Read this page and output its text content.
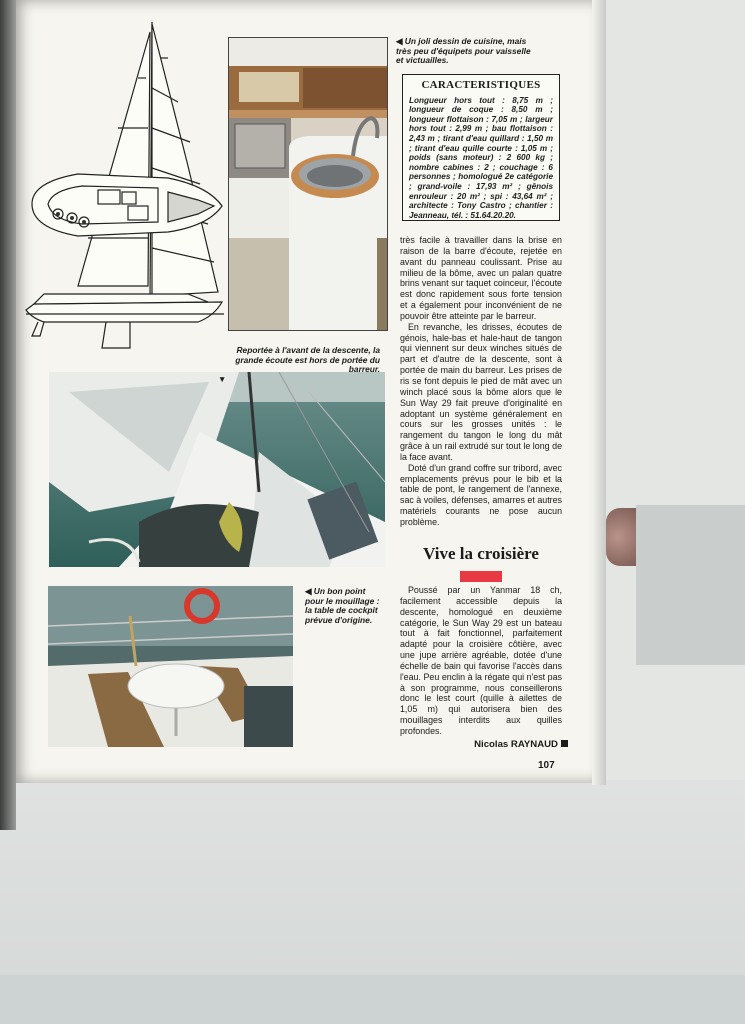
◀ Un joli dessin de cuisine, mais très peu d'équipets pour vaisselle et victuailles.
Reportée à l'avant de la descente, la grande écoute est hors de portée du barreur.

▼
◀ Un bon point pour le mouillage : la table de cockpit prévue d'origine.
CARACTERISTIQUES
Longueur hors tout : 8,75 m ; longueur de coque : 8,50 m ; longueur flottaison : 7,05 m ; largeur hors tout : 2,99 m ; bau flottaison : 2,43 m ; tirant d'eau quillard : 1,50 m ; tirant d'eau quille courte : 1,05 m ; poids (sans moteur) : 2 600 kg ; nombre cabines : 2 ; couchage : 6 personnes ; homologué 2e catégorie ; grand-voile : 17,93 m² ; gênois enrouleur : 20 m² ; spi : 43,64 m² ; architecte : Tony Castro ; chantier : Jeanneau, tél. : 51.64.20.20.

très facile à travailler dans la brise en raison de la barre d'écoute, rejetée en avant du panneau coulissant. Prise au milieu de la bôme, avec un palan quatre brins venant sur taquet coinceur, l'écoute est donc rapidement sous forte tension et a également pour inconvénient de ne pouvoir être atteinte par le barreur.

En revanche, les drisses, écoutes de génois, hale-bas et hale-haut de tangon qui viennent sur deux winches situés de part et d'autre de la descente, sont à portée de main du barreur. Les prises de ris se font depuis le pied de mât avec un winch placé sous la bôme alors que le Sun Way 29 fait preuve d'originalité en adoptant un système généralement en cours sur les grosses unités : le rangement du tangon le long du mât grâce à un rail extrudé sur tout le long de la face avant.

Doté d'un grand coffre sur tribord, avec emplacements prévus pour le bib et la table de pont, le rangement de l'annexe, sac à voiles, défenses, amarres et autres matériels courants ne pose aucun problème.

Vive la croisière

Poussé par un Yanmar 18 ch, facilement accessible depuis la descente, homologué en deuxième catégorie, le Sun Way 29 est un bateau tout à fait fonctionnel, parfaitement adapté pour la croisière côtière, avec une jupe arrière agréable, dotée d'une échelle de bain qui favorise l'accès dans l'eau. Peu enclin à la régate qui n'est pas à son programme, nous conseillerons donc le lest court (quille à ailettes de 1,05 m) qui autorisera bien des mouillages interdits aux quilles profondes.

Nicolas RAYNAUD
107
